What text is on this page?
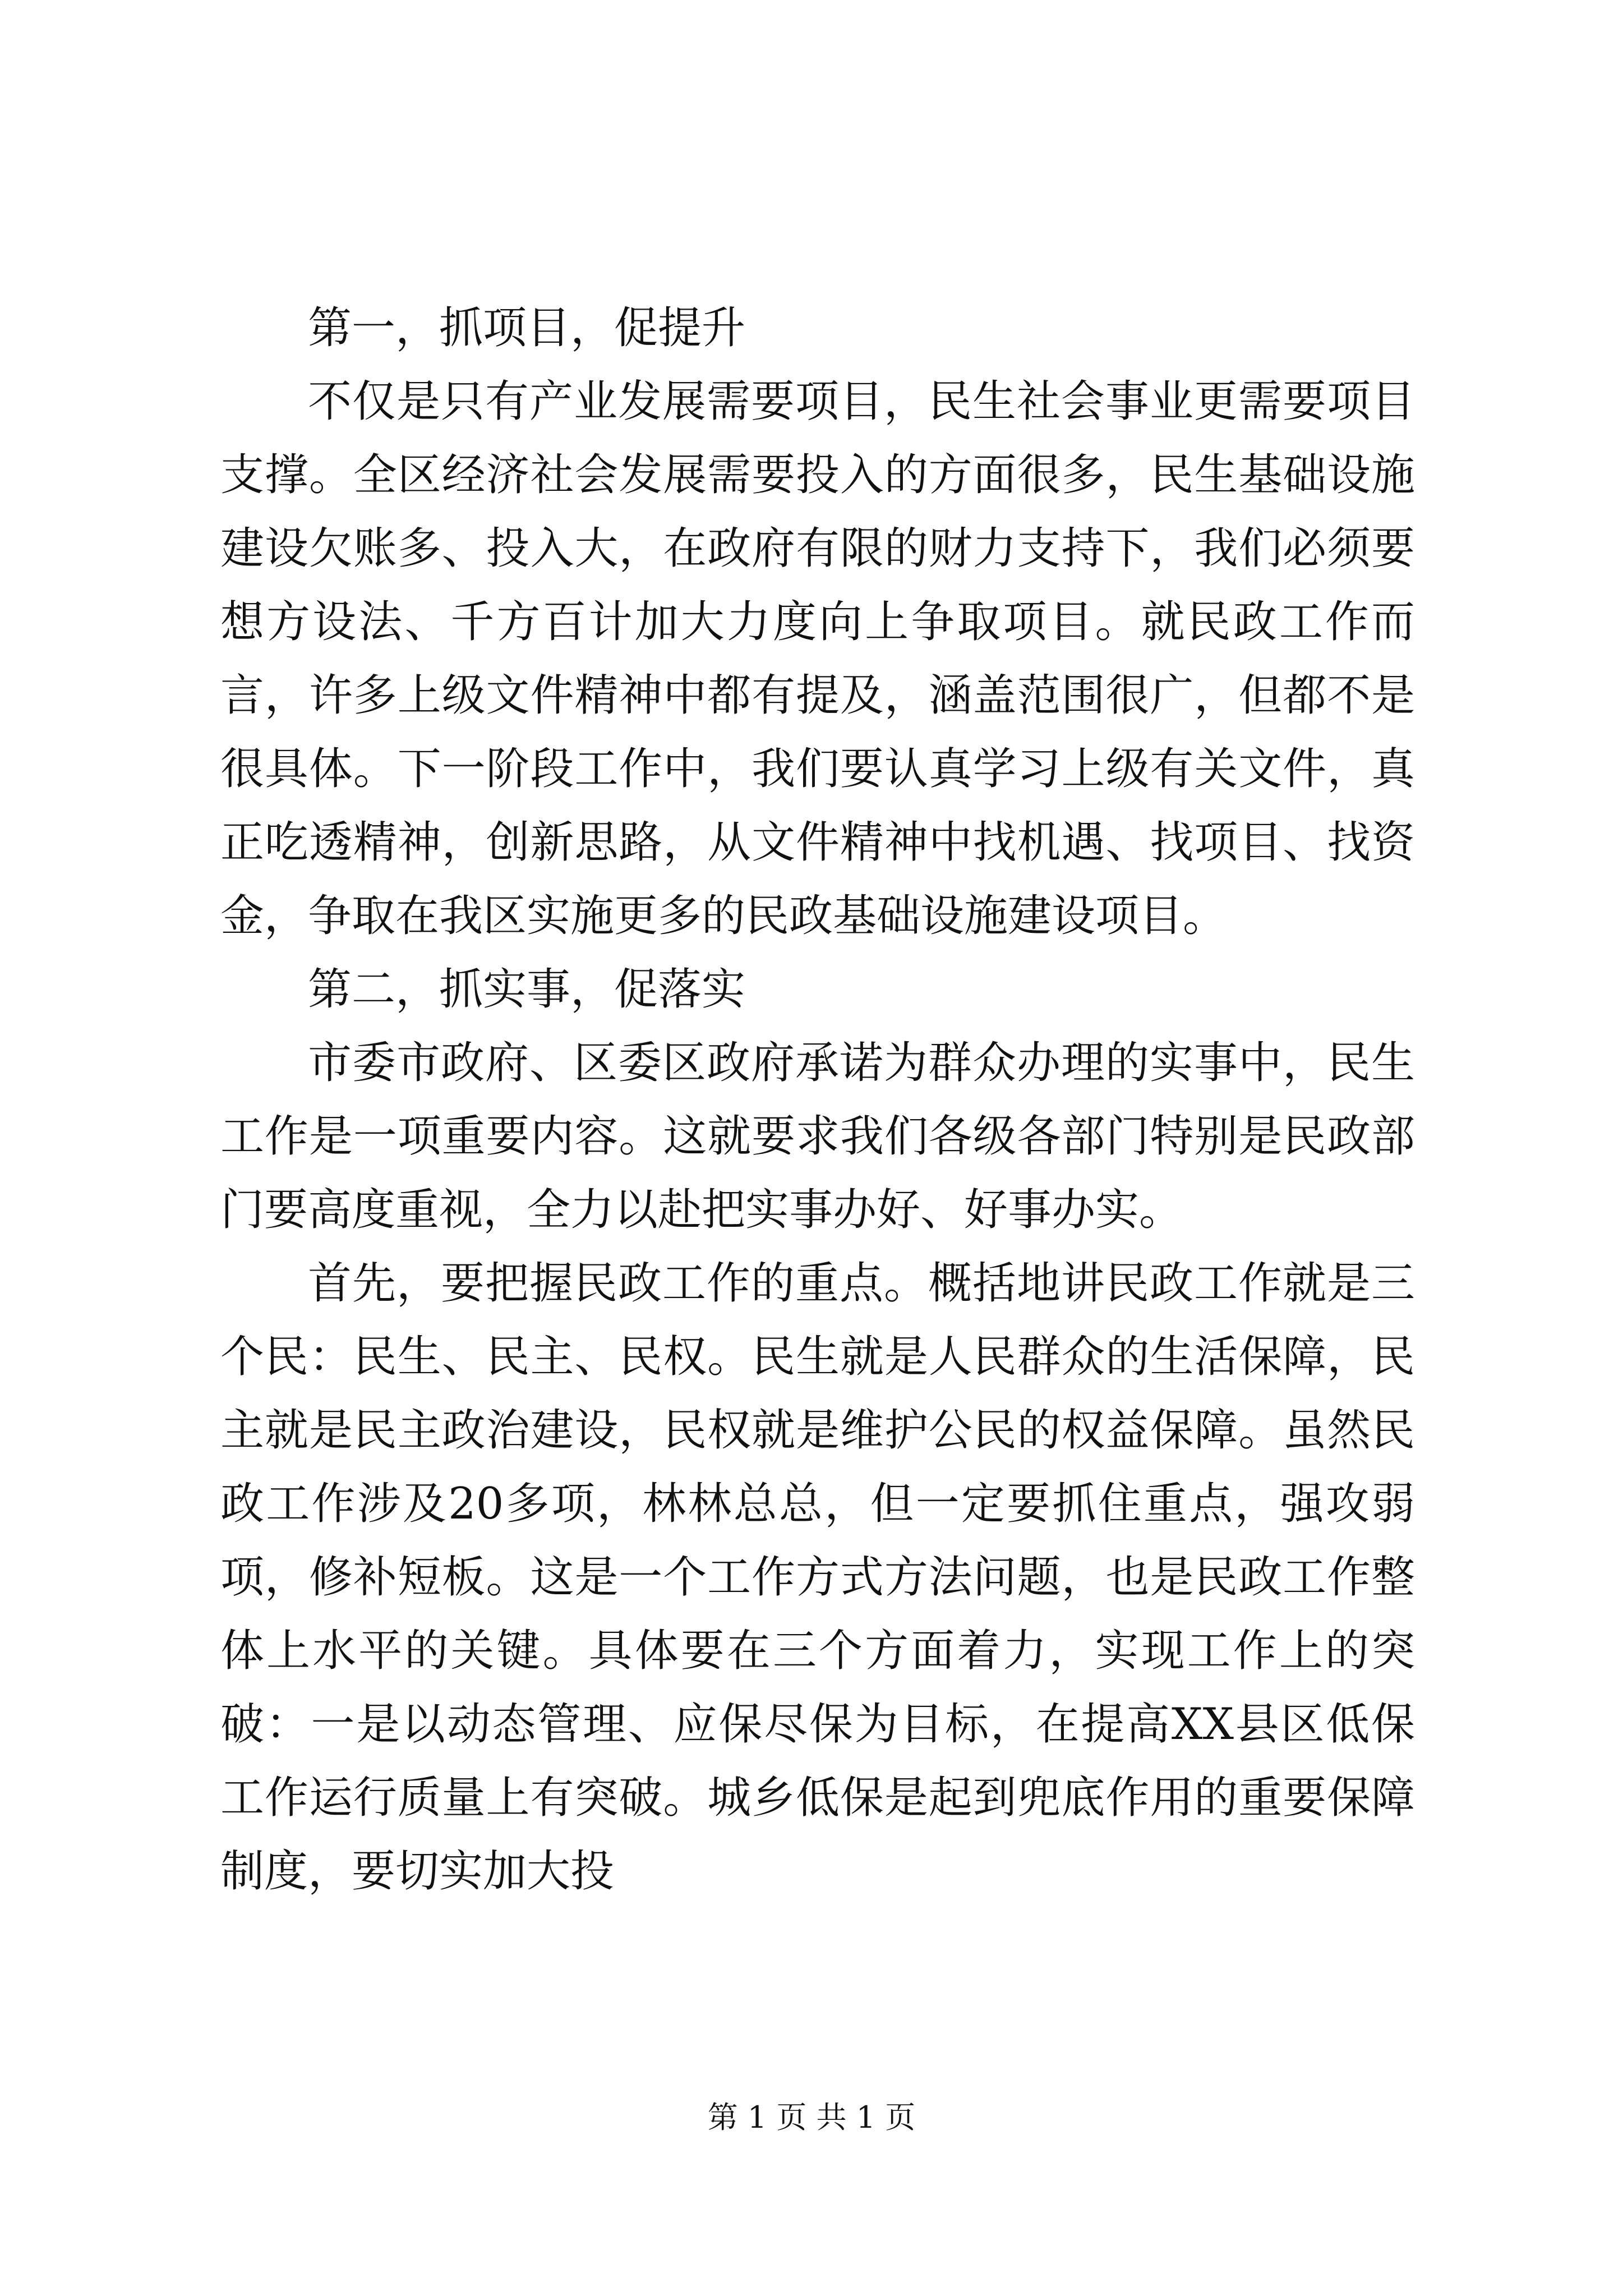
第一，抓项目，促提升

不仅是只有产业发展需要项目，民生社会事业更需要项目支撑。全区经济社会发展需要投入的方面很多，民生基础设施建设欠账多、投入大，在政府有限的财力支持下，我们必须要想方设法、千方百计加大力度向上争取项目。就民政工作而言，许多上级文件精神中都有提及，涵盖范围很广，但都不是很具体。下一阶段工作中，我们要认真学习上级有关文件，真正吃透精神，创新思路，从文件精神中找机遇、找项目、找资金，争取在我区实施更多的民政基础设施建设项目。

第二，抓实事，促落实

市委市政府、区委区政府承诺为群众办理的实事中，民生工作是一项重要内容。这就要求我们各级各部门特别是民政部门要高度重视，全力以赴把实事办好、好事办实。

首先，要把握民政工作的重点。概括地讲民政工作就是三个民：民生、民主、民权。民生就是人民群众的生活保障，民主就是民主政治建设，民权就是维护公民的权益保障。虽然民政工作涉及20多项，林林总总，但一定要抓住重点，强攻弱项，修补短板。这是一个工作方式方法问题，也是民政工作整体上水平的关键。具体要在三个方面着力，实现工作上的突破：一是以动态管理、应保尽保为目标，在提高XX县区低保工作运行质量上有突破。城乡低保是起到兜底作用的重要保障制度，要切实加大投

第 1 页 共 1 页
